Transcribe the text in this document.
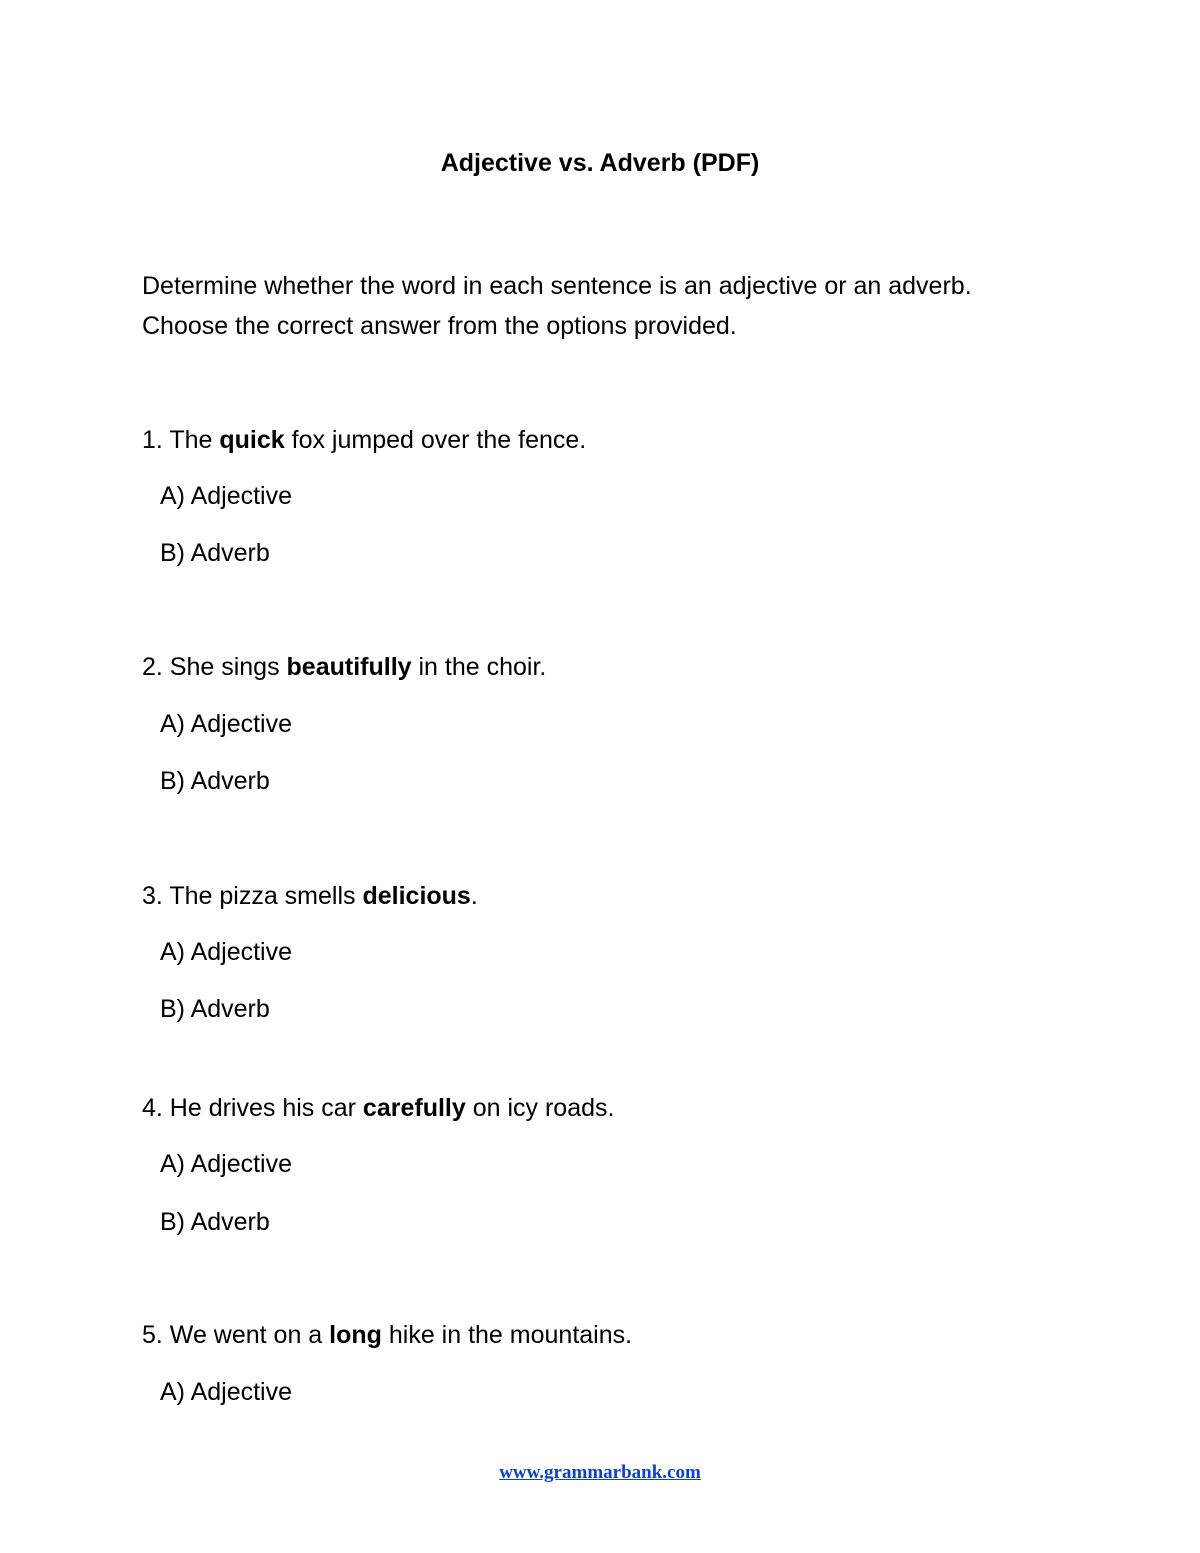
Adjective vs. Adverb (PDF)
Determine whether the word in each sentence is an adjective or an adverb.
Choose the correct answer from the options provided.
1. The quick fox jumped over the fence.
A) Adjective
B) Adverb
2. She sings beautifully in the choir.
A) Adjective
B) Adverb
3. The pizza smells delicious.
A) Adjective
B) Adverb
4. He drives his car carefully on icy roads.
A) Adjective
B) Adverb
5. We went on a long hike in the mountains.
A) Adjective
www.grammarbank.com
